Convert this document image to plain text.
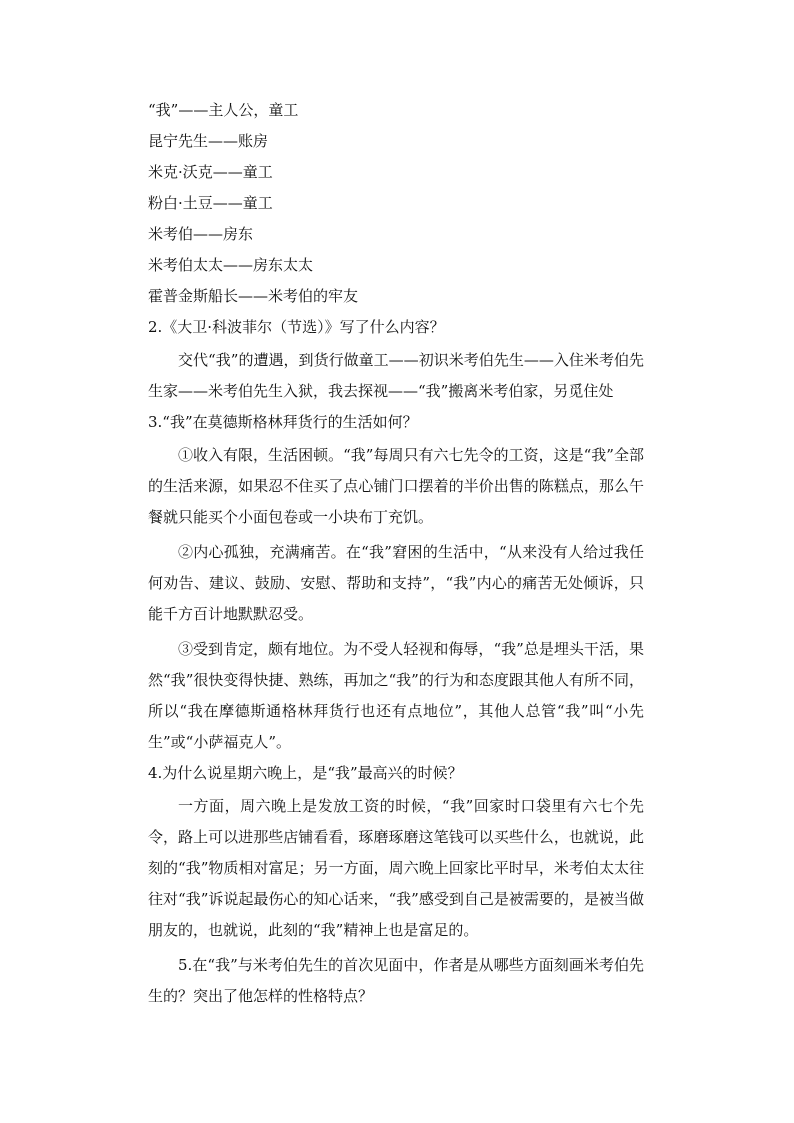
“我”——主人公，童工
昆宁先生——账房
米克·沃克——童工
粉白·土豆——童工
米考伯——房东
米考伯太太——房东太太
霍普金斯船长——米考伯的牢友
2.《大卫·科波菲尔（节选）》写了什么内容？

交代“我”的遭遇，到货行做童工——初识米考伯先生——入住米考伯先生家——米考伯先生入狱，我去探视——“我”搬离米考伯家，另觅住处

3.“我”在莫德斯格林拜货行的生活如何？

①收入有限，生活困顿。“我”每周只有六七先令的工资，这是“我”全部的生活来源，如果忍不住买了点心铺门口摆着的半价出售的陈糕点，那么午餐就只能买个小面包卷或一小块布丁充饥。

②内心孤独，充满痛苦。在“我”窘困的生活中，“从来没有人给过我任何劝告、建议、鼓励、安慰、帮助和支持”，“我”内心的痛苦无处倾诉，只能千方百计地默默忍受。

③受到肯定，颇有地位。为不受人轻视和侮辱，“我”总是埋头干活，果然“我”很快变得快捷、熟练，再加之“我”的行为和态度跟其他人有所不同，所以“我在摩德斯通格林拜货行也还有点地位”，其他人总管“我”叫“小先生”或“小萨福克人”。

4.为什么说星期六晚上，是“我”最高兴的时候？

一方面，周六晚上是发放工资的时候，“我”回家时口袋里有六七个先令，路上可以进那些店铺看看，琢磨琢磨这笔钱可以买些什么，也就说，此刻的“我”物质相对富足；另一方面，周六晚上回家比平时早，米考伯太太往往对“我”诉说起最伤心的知心话来，“我”感受到自己是被需要的，是被当做朋友的，也就说，此刻的“我”精神上也是富足的。

5.在“我”与米考伯先生的首次见面中，作者是从哪些方面刻画米考伯先生的？突出了他怎样的性格特点？
